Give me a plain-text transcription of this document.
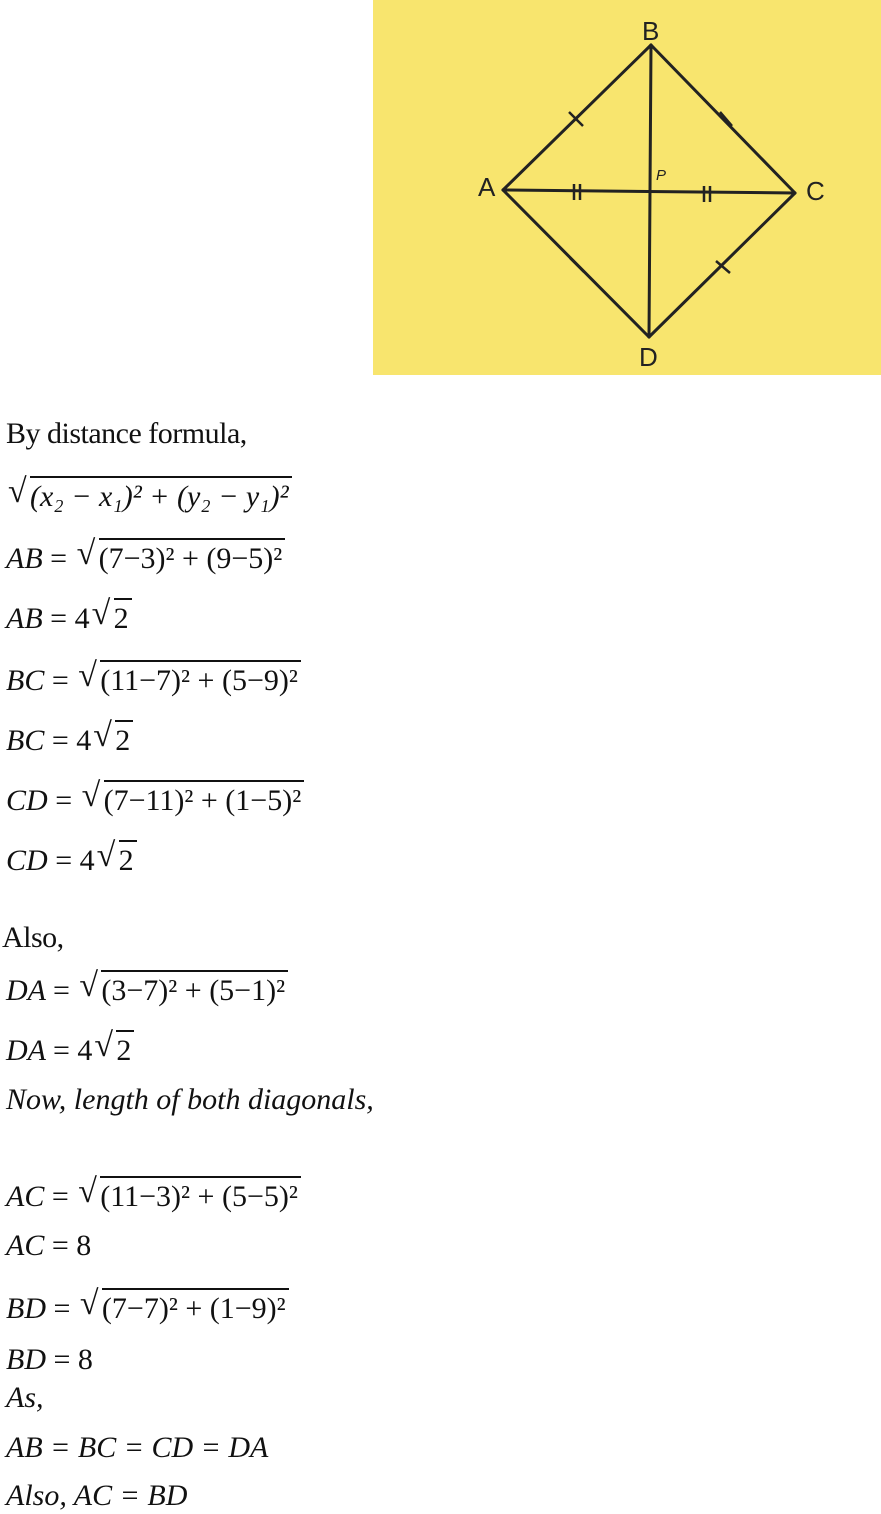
B
A	C
D
P
By distance formula,
√ (x₂ − x₁)² + (y₂ − y₁)²
AB = √ (7−3)² + (9−5)²
AB = 4 √ 2
BC = √ (11−7)² + (5−9)²
BC = 4 √ 2
CD = √ (7−11)² + (1−5)²
CD = 4 √ 2
Also,
DA = √ (3−7)² + (5−1)²
DA = 4 √ 2
Now, length of both diagonals,
AC = √ (11−3)² + (5−5)²
AC = 8
BD = √ (7−7)² + (1−9)²
BD = 8
As,
AB = BC = CD = DA
Also, AC = BD
